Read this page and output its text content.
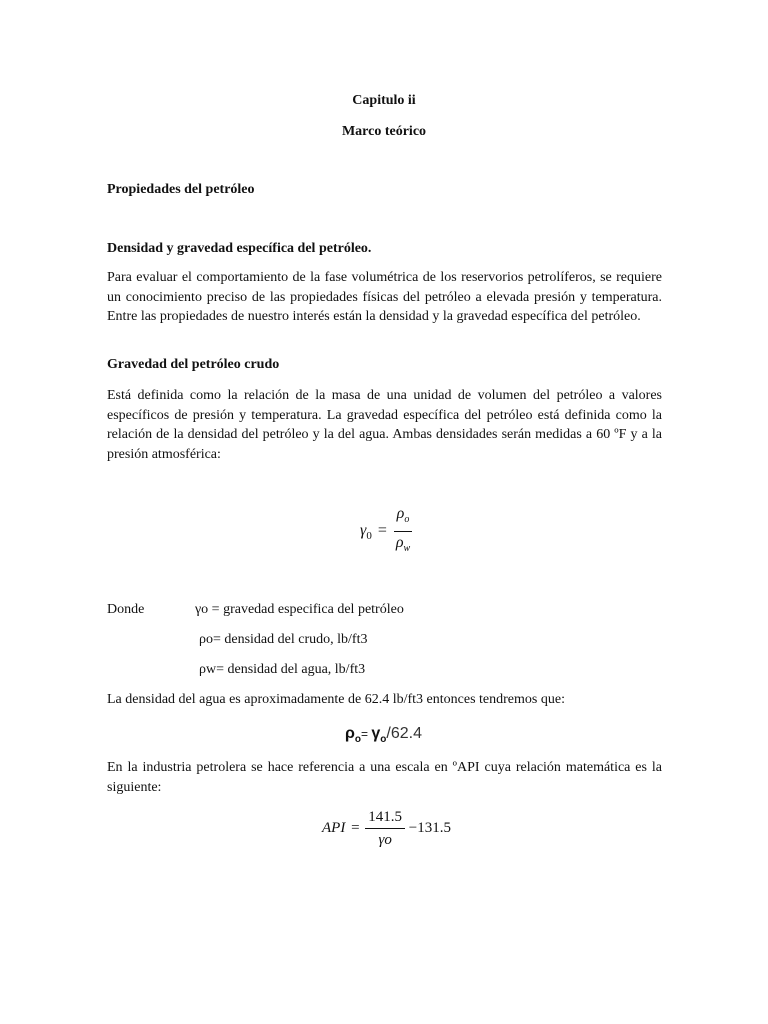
Capitulo ii
Marco teórico
Propiedades del petróleo
Densidad y gravedad específica del petróleo.
Para evaluar el comportamiento de la fase volumétrica de los reservorios petrolíferos, se requiere un conocimiento preciso de las propiedades físicas del petróleo a elevada presión y temperatura. Entre las propiedades de nuestro interés están la densidad y la gravedad específica del petróleo.
Gravedad del petróleo crudo
Está definida como la relación de la masa de una unidad de volumen del petróleo a valores específicos de presión y temperatura. La gravedad específica del petróleo está definida como la relación de la densidad del petróleo y la del agua. Ambas densidades serán medidas a 60 ºF y a la presión atmosférica:
$\gamma_0 = \frac{\rho_o}{\rho_w}$
Donde	γo = gravedad especifica del petróleo
ρo= densidad del crudo, lb/ft3
ρw= densidad del agua, lb/ft3
La densidad del agua es aproximadamente de 62.4 lb/ft3 entonces tendremos que:
$\rho_o= \gamma_o/62.4$
En la industria petrolera se hace referencia a una escala en ºAPI cuya relación matemática es la siguiente:
API = $\frac{141.5}{\gamma o} -131.5$
